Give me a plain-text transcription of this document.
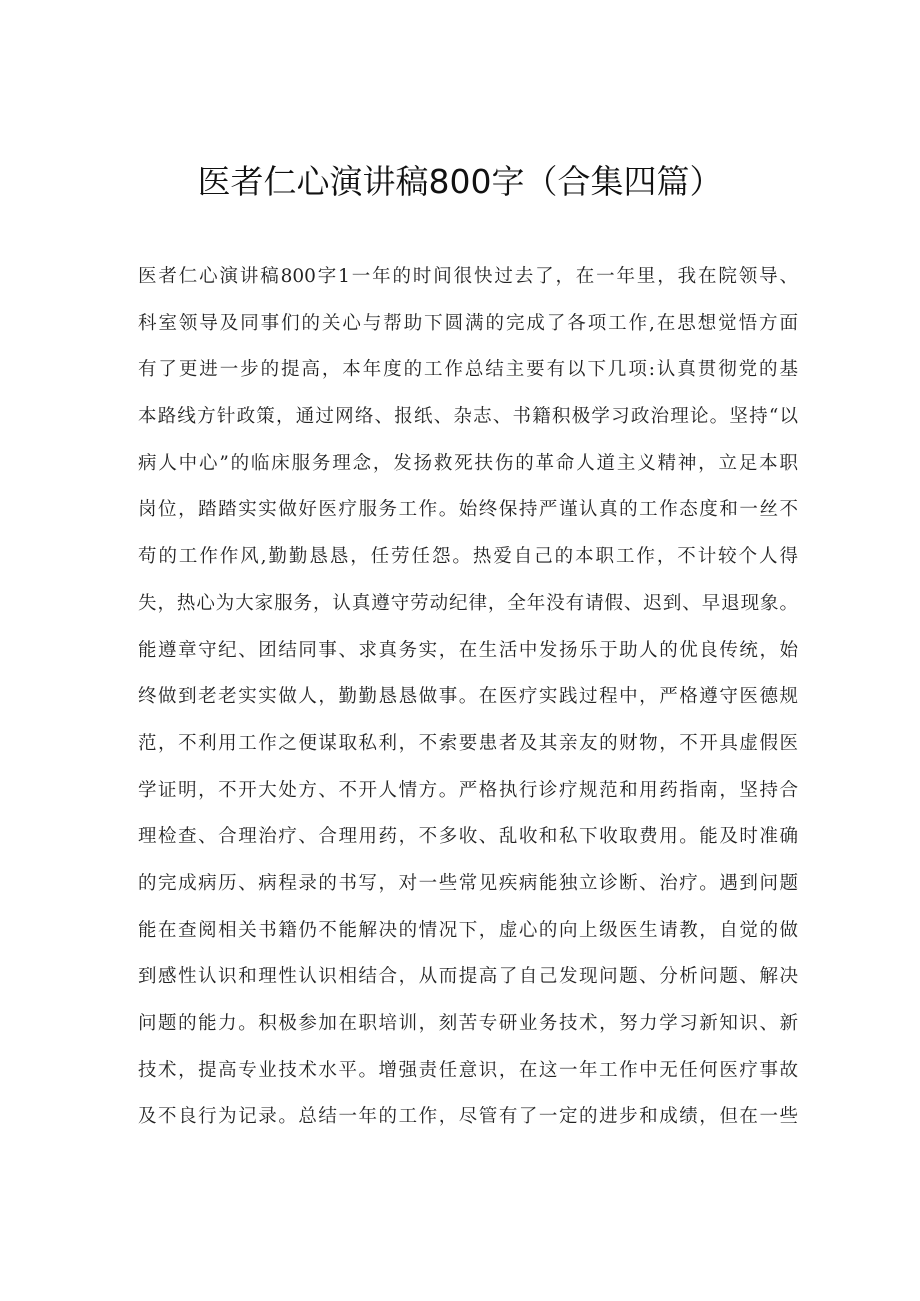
医者仁心演讲稿800字（合集四篇）
医者仁心演讲稿800字1一年的时间很快过去了，在一年里，我在院领导、
科室领导及同事们的关心与帮助下圆满的完成了各项工作,在思想觉悟方面
有了更进一步的提高，本年度的工作总结主要有以下几项:认真贯彻党的基
本路线方针政策，通过网络、报纸、杂志、书籍积极学习政治理论。坚持“以
病人中心”的临床服务理念，发扬救死扶伤的革命人道主义精神，立足本职
岗位，踏踏实实做好医疗服务工作。始终保持严谨认真的工作态度和一丝不
苟的工作作风,勤勤恳恳，任劳任怨。热爱自己的本职工作，不计较个人得
失，热心为大家服务，认真遵守劳动纪律，全年没有请假、迟到、早退现象。
能遵章守纪、团结同事、求真务实，在生活中发扬乐于助人的优良传统，始
终做到老老实实做人，勤勤恳恳做事。在医疗实践过程中，严格遵守医德规
范，不利用工作之便谋取私利，不索要患者及其亲友的财物，不开具虚假医
学证明，不开大处方、不开人情方。严格执行诊疗规范和用药指南，坚持合
理检查、合理治疗、合理用药，不多收、乱收和私下收取费用。能及时准确
的完成病历、病程录的书写，对一些常见疾病能独立诊断、治疗。遇到问题
能在查阅相关书籍仍不能解决的情况下，虚心的向上级医生请教，自觉的做
到感性认识和理性认识相结合，从而提高了自己发现问题、分析问题、解决
问题的能力。积极参加在职培训，刻苦专研业务技术，努力学习新知识、新
技术，提高专业技术水平。增强责任意识，在这一年工作中无任何医疗事故
及不良行为记录。总结一年的工作，尽管有了一定的进步和成绩，但在一些
